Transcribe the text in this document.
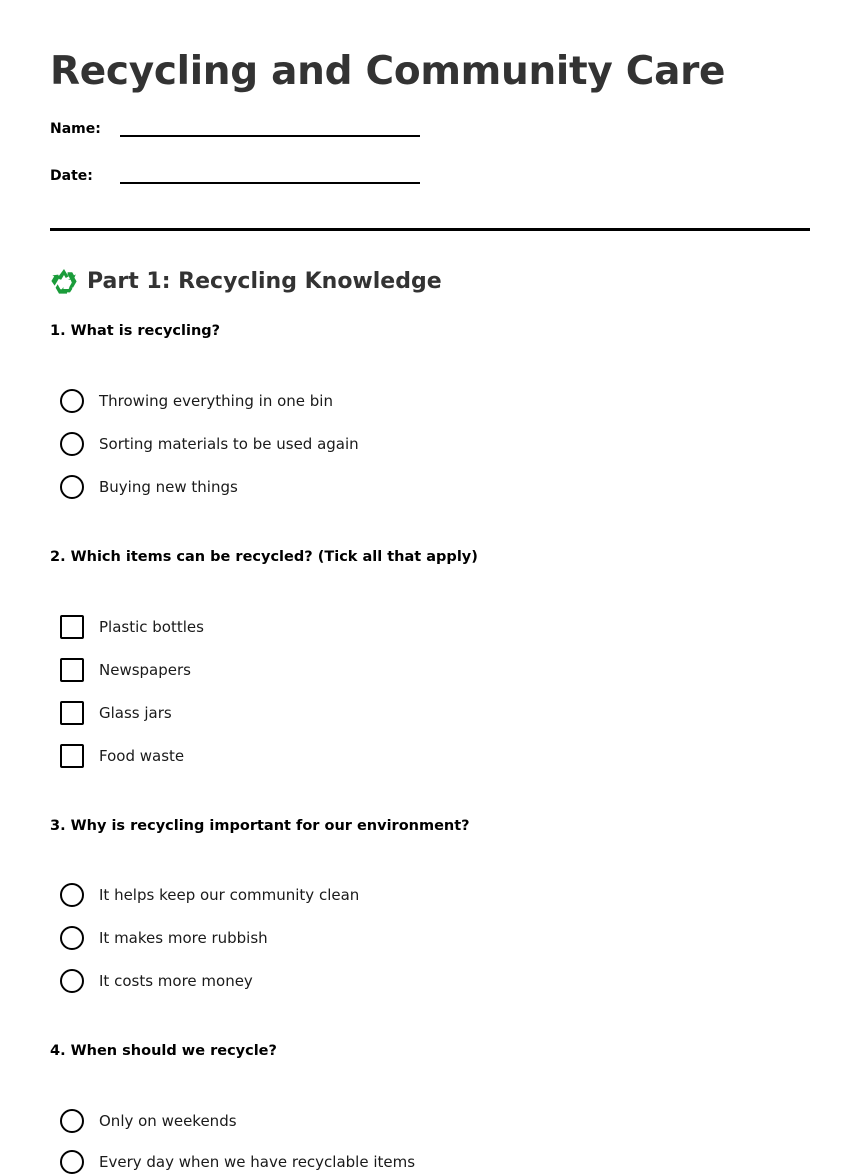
Recycling and Community Care
Name:
Date:
Part 1: Recycling Knowledge
1. What is recycling?
Throwing everything in one bin
Sorting materials to be used again
Buying new things
2. Which items can be recycled? (Tick all that apply)
Plastic bottles
Newspapers
Glass jars
Food waste
3. Why is recycling important for our environment?
It helps keep our community clean
It makes more rubbish
It costs more money
4. When should we recycle?
Only on weekends
Every day when we have recyclable items
